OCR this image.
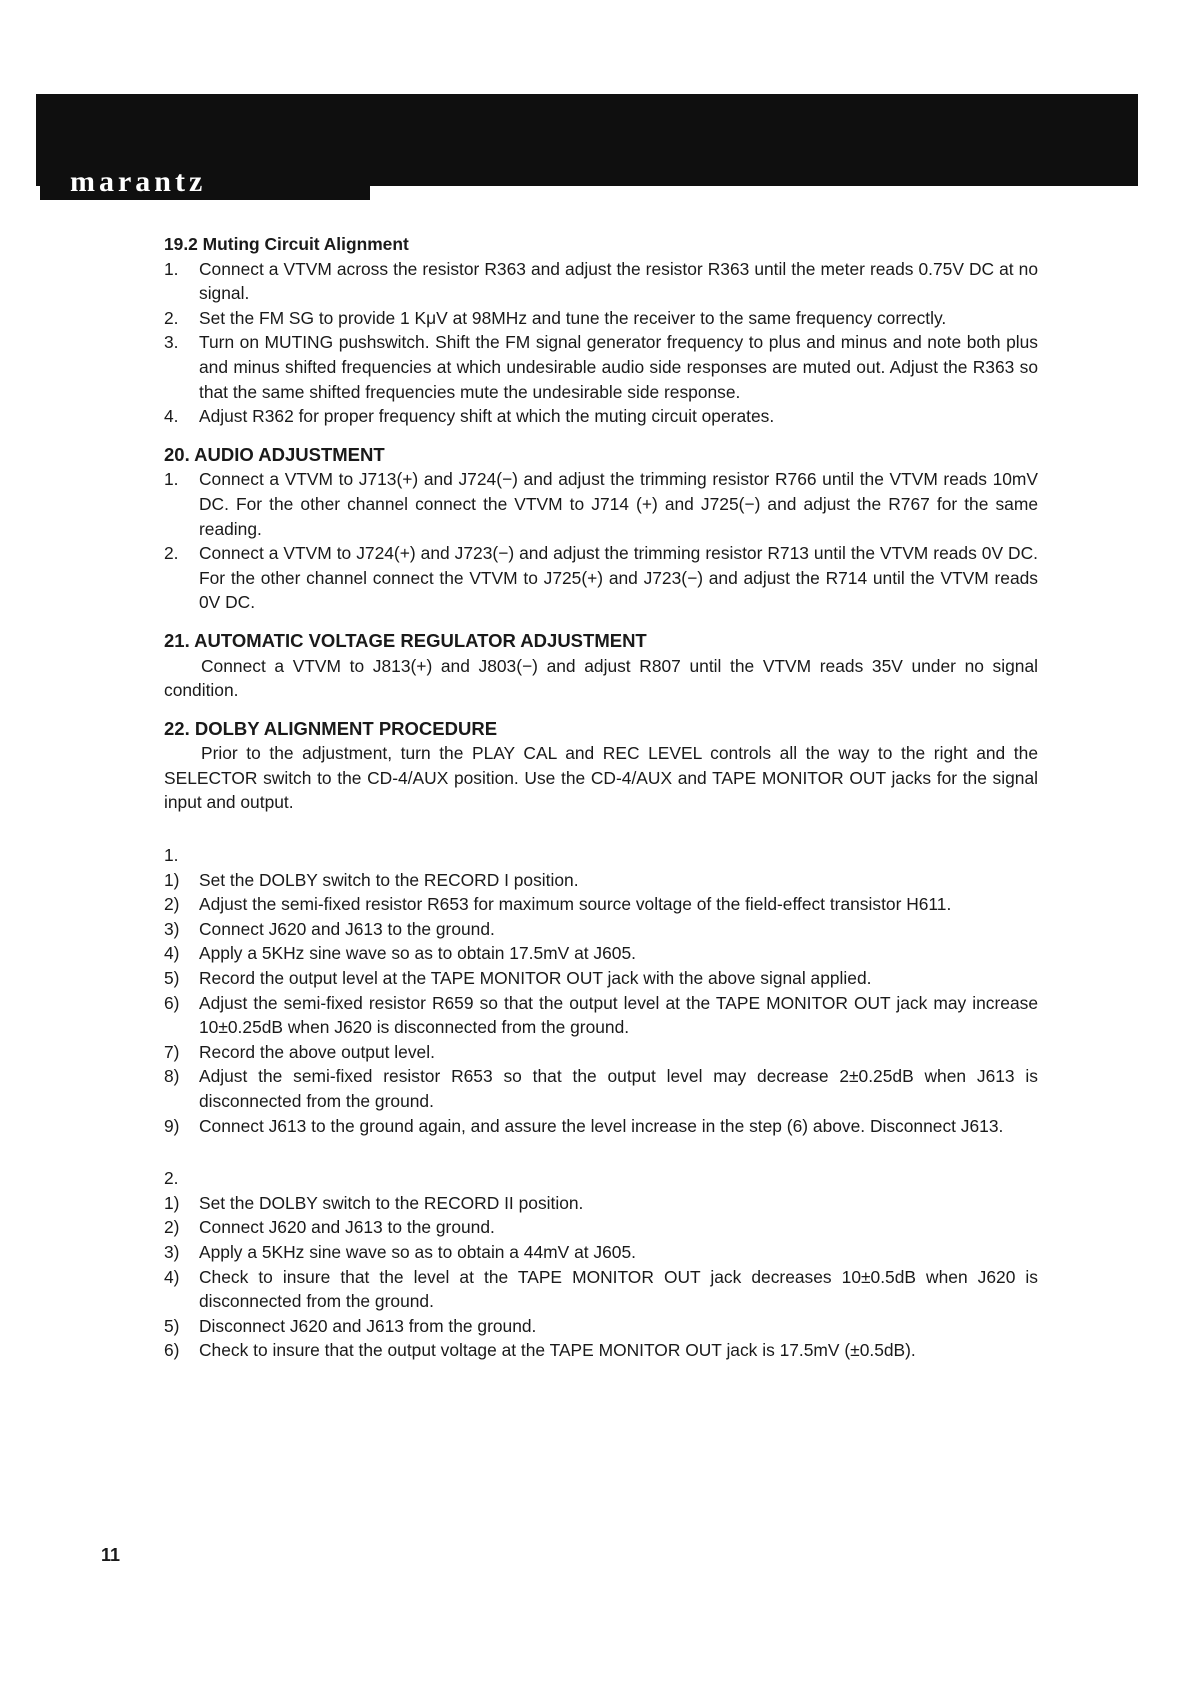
marantz

19.2 Muting Circuit Alignment

1.	Connect a VTVM across the resistor R363 and adjust the resistor R363 until the meter reads 0.75V DC at no signal.
2.	Set the FM SG to provide 1 KμV at 98MHz and tune the receiver to the same frequency correctly.
3.	Turn on MUTING pushswitch. Shift the FM signal generator frequency to plus and minus and note both plus and minus shifted frequencies at which undesirable audio side responses are muted out. Adjust the R363 so that the same shifted frequencies mute the undesirable side response.
4.	Adjust R362 for proper frequency shift at which the muting circuit operates.

20. AUDIO ADJUSTMENT

1.	Connect a VTVM to J713(+) and J724(−) and adjust the trimming resistor R766 until the VTVM reads 10mV DC. For the other channel connect the VTVM to J714 (+) and J725(−) and adjust the R767 for the same reading.
2.	Connect a VTVM to J724(+) and J723(−) and adjust the trimming resistor R713 until the VTVM reads 0V DC. For the other channel connect the VTVM to J725(+) and J723(−) and adjust the R714 until the VTVM reads 0V DC.

21. AUTOMATIC VOLTAGE REGULATOR ADJUSTMENT

Connect a VTVM to J813(+) and J803(−) and adjust R807 until the VTVM reads 35V under no signal condition.

22. DOLBY ALIGNMENT PROCEDURE

Prior to the adjustment, turn the PLAY CAL and REC LEVEL controls all the way to the right and the SELECTOR switch to the CD-4/AUX position. Use the CD-4/AUX and TAPE MONITOR OUT jacks for the signal input and output.

1.
1)	Set the DOLBY switch to the RECORD I position.
2)	Adjust the semi-fixed resistor R653 for maximum source voltage of the field-effect transistor H611.
3)	Connect J620 and J613 to the ground.
4)	Apply a 5KHz sine wave so as to obtain 17.5mV at J605.
5)	Record the output level at the TAPE MONITOR OUT jack with the above signal applied.
6)	Adjust the semi-fixed resistor R659 so that the output level at the TAPE MONITOR OUT jack may increase 10±0.25dB when J620 is disconnected from the ground.
7)	Record the above output level.
8)	Adjust the semi-fixed resistor R653 so that the output level may decrease 2±0.25dB when J613 is disconnected from the ground.
9)	Connect J613 to the ground again, and assure the level increase in the step (6) above. Disconnect J613.
2.
1)	Set the DOLBY switch to the RECORD II position.
2)	Connect J620 and J613 to the ground.
3)	Apply a 5KHz sine wave so as to obtain a 44mV at J605.
4)	Check to insure that the level at the TAPE MONITOR OUT jack decreases 10±0.5dB when J620 is disconnected from the ground.
5)	Disconnect J620 and J613 from the ground.
6)	Check to insure that the output voltage at the TAPE MONITOR OUT jack is 17.5mV (±0.5dB).
11
